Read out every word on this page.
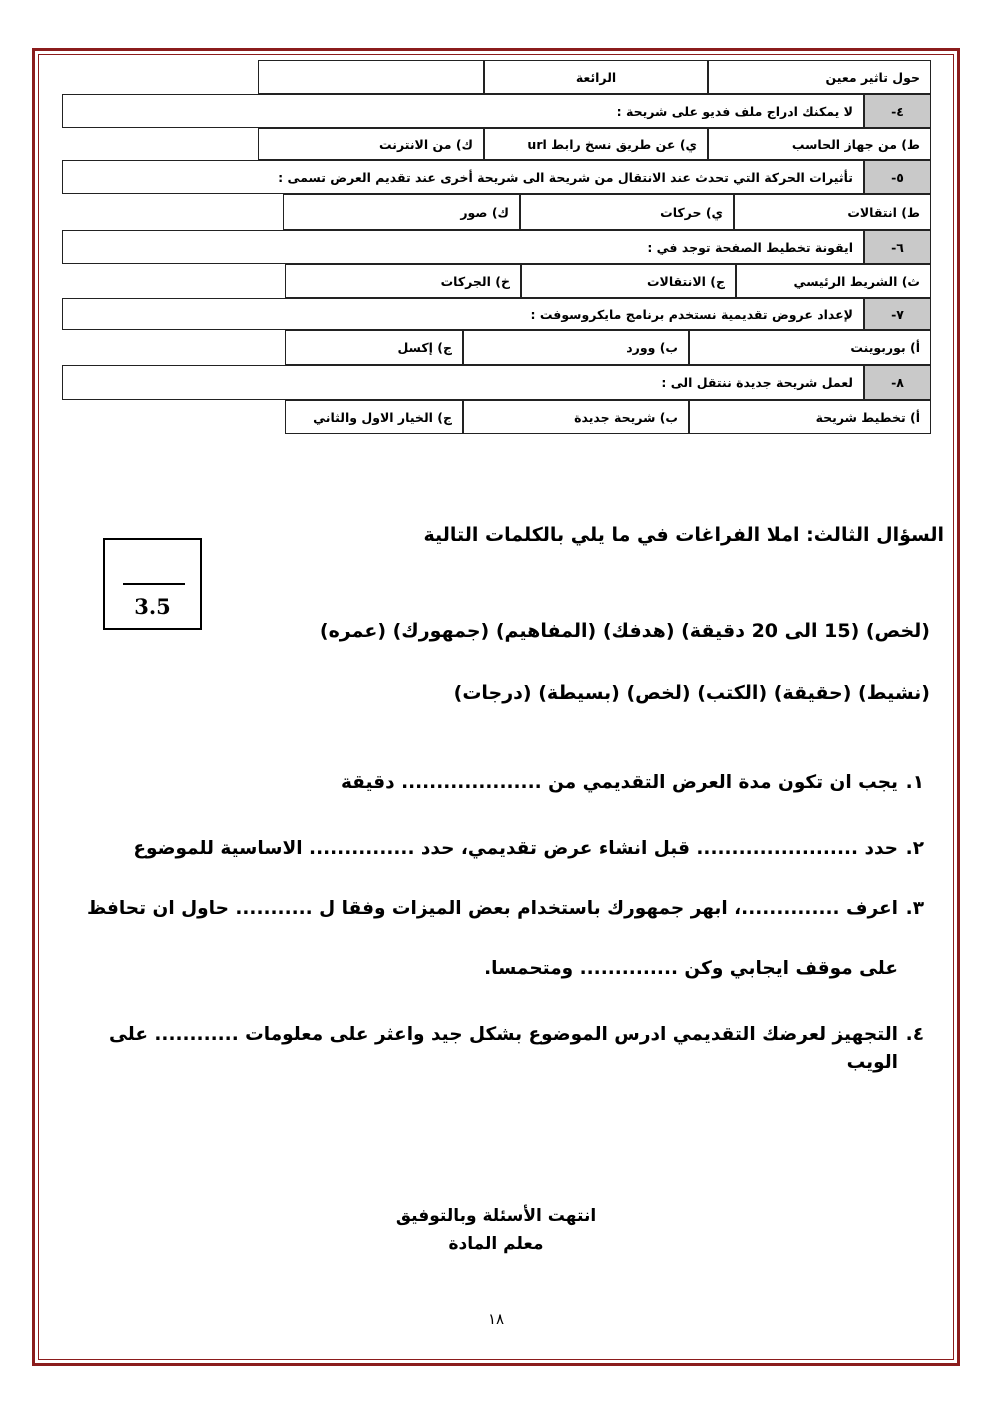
حول تاثير معين
الرائعة
٤-
لا يمكنك ادراج ملف فديو على شريحة :
ط) من جهاز الحاسب
ي) عن طريق نسخ رابط url
ك) من الانترنت
٥-
تأثيرات الحركة التي تحدث عند الانتقال من شريحة الى شريحة أخرى عند تقديم العرض تسمى :
ط) انتقالات
ي) حركات
ك) صور
٦-
ايقونة تخطيط الصفحة توجد في :
ث) الشريط الرئيسي
ج) الانتقالات
خ) الجركات
٧-
لإعداد عروض تقديمية نستخدم برنامج مايكروسوفت :
أ) بوربوينت
ب) وورد
ج) إكسل
٨-
لعمل شريحة جديدة ننتقل الى :
أ) تخطيط شريحة
ب) شريحة جديدة
ج) الخيار الاول والثاني
السؤال الثالث: املا الفراغات في ما يلي بالكلمات التالية
3.5
(لخص) (15 الى 20 دقيقة) (هدفك) (المفاهيم) (جمهورك) (عمره)
(نشيط) (حقيقة) (الكتب) (لخص) (بسيطة) (درجات)
١.يجب ان تكون مدة العرض التقديمي من .................... دقيقة
٢.حدد ....................... قبل انشاء عرض تقديمي، حدد ............... الاساسية للموضوع
٣.اعرف ..............، ابهر جمهورك باستخدام بعض الميزات وفقا ل ........... حاول ان تحافظ
على موقف ايجابي وكن .............. ومتحمسا.
٤.التجهيز لعرضك التقديمي ادرس الموضوع بشكل جيد واعثر على معلومات ............ على
الويب
انتهت الأسئلة وبالتوفيق
معلم المادة
١٨
